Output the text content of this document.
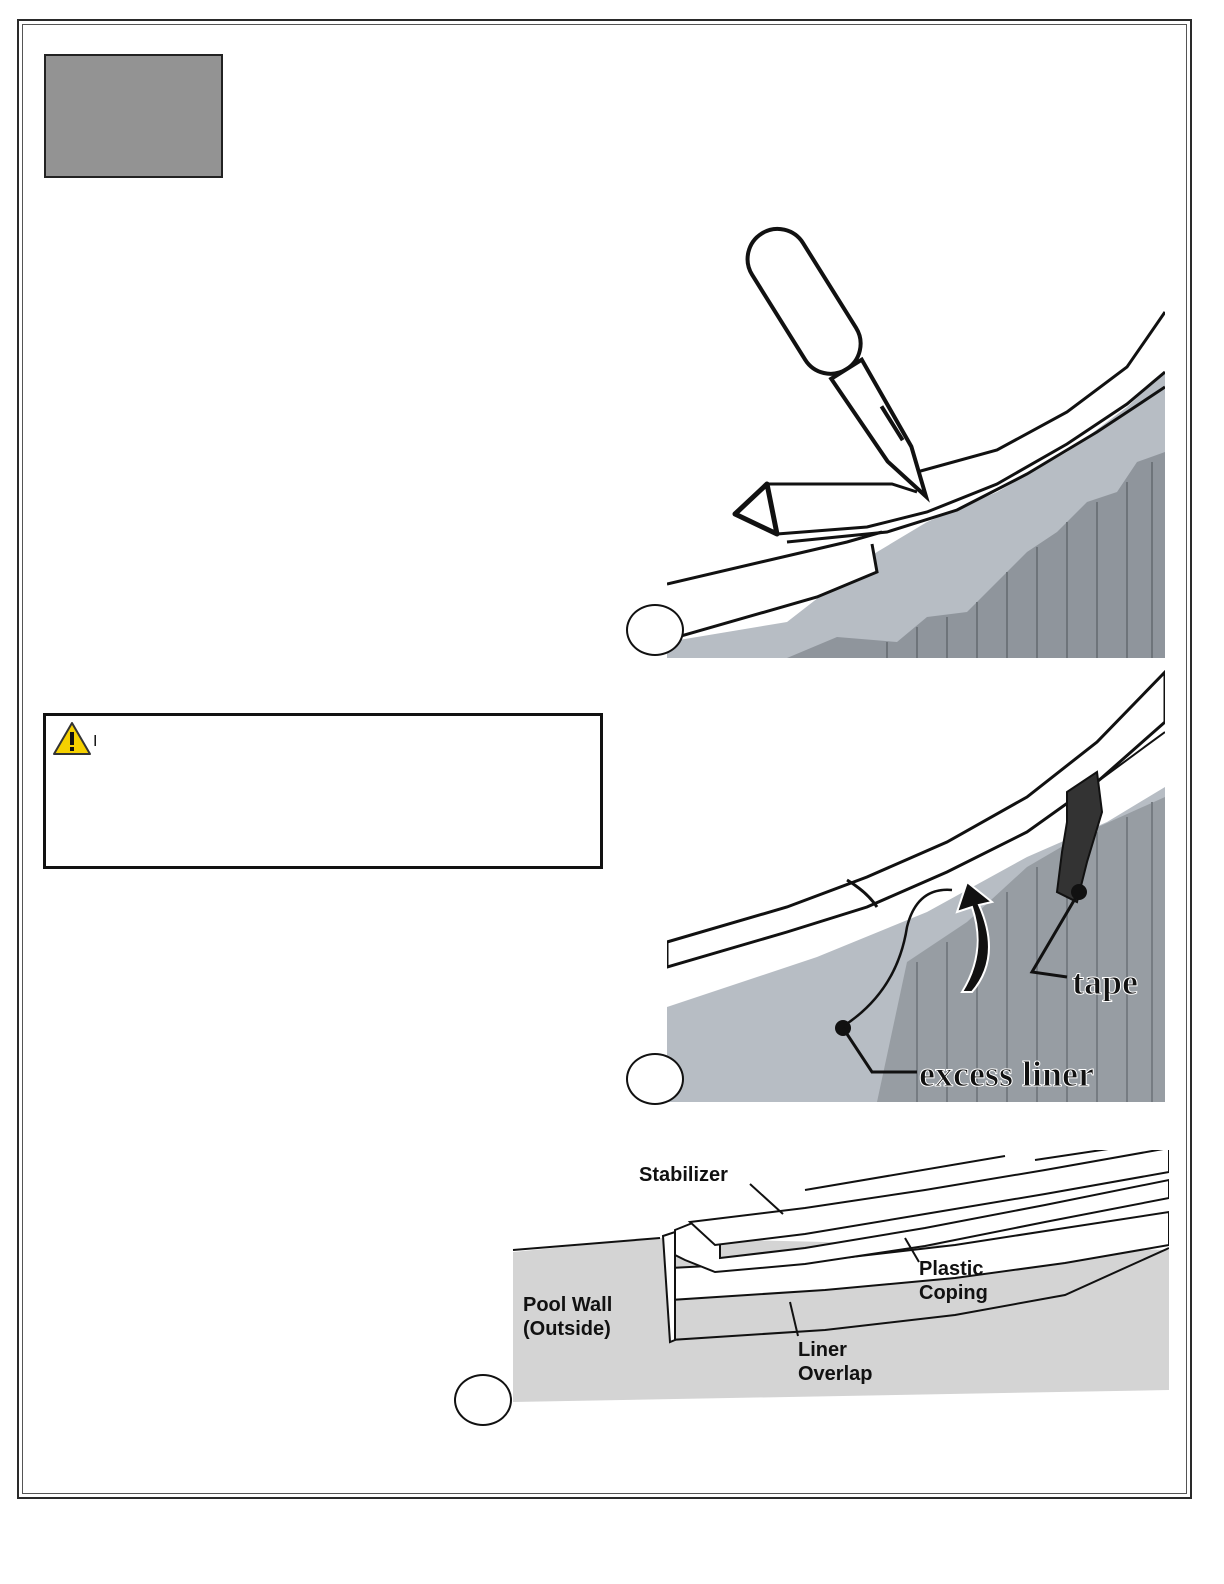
I
tape
excess liner
Stabilizer
Plastic
Coping
Pool Wall
(Outside)
Liner
Overlap
